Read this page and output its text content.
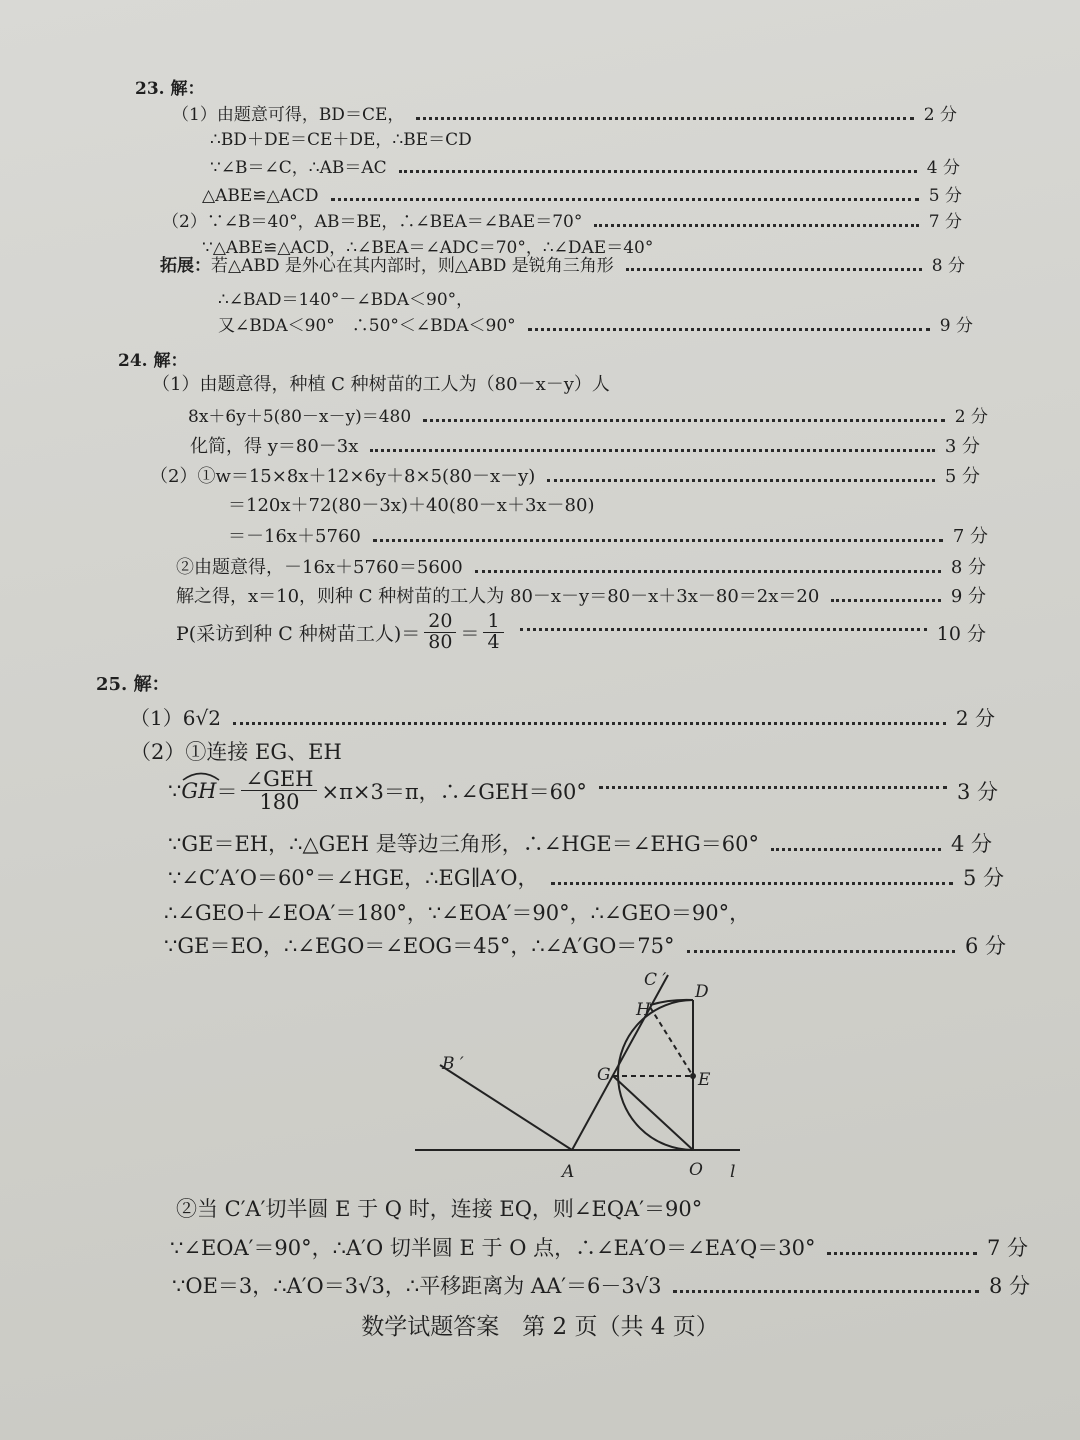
23. 解：
（1）由题意可得，BD＝CE，	2 分
∴BD＋DE＝CE＋DE，∴BE＝CD
∵∠B＝∠C，∴AB＝AC	4 分
△ABE≌△ACD	5 分
（2）∵∠B＝40°，AB＝BE，∴∠BEA＝∠BAE＝70°	7 分
∵△ABE≌△ACD，∴∠BEA＝∠ADC＝70°，∴∠DAE＝40°
拓展：若△ABD 是外心在其内部时，则△ABD 是锐角三角形	8 分
∴∠BAD＝140°－∠BDA＜90°，
又∠BDA＜90°　∴50°＜∠BDA＜90°	9 分
24. 解：
（1）由题意得，种植 C 种树苗的工人为（80－x－y）人
8x＋6y＋5(80－x－y)＝480	2 分
化简，得 y＝80－3x	3 分
（2）①w＝15×8x＋12×6y＋8×5(80－x－y)	5 分
＝120x＋72(80－3x)＋40(80－x＋3x－80)
＝－16x＋5760	7 分
②由题意得，－16x＋5760＝5600	8 分
解之得，x＝10，则种 C 种树苗的工人为 80－x－y＝80－x＋3x－80＝2x＝20	9 分
P(采访到种 C 种树苗工人)＝ $\frac{20}{80} = \frac{1}{4}$	10 分
25. 解：
（1）6√2	2 分
（2）①连接 EG、EH
∵ GH ＝ $\frac{\text{∠GEH}}{180} \times\pi\times 3=\pi$，∴∠GEH＝60°	3 分
∵GE＝EH，∴△GEH 是等边三角形，∴∠HGE＝∠EHG＝60°	4 分
∵∠C′A′O＝60°＝∠HGE，∴EG∥A′O，	5 分
∴∠GEO＋∠EOA′＝180°，∵∠EOA′＝90°，∴∠GEO＝90°，
∵GE＝EO，∴∠EGO＝∠EOG＝45°，∴∠A′GO＝75°	6 分
B ′
C ′
D
H
G	E
A	O l
②当 C′A′切半圆 E 于 Q 时，连接 EQ，则∠EQA′＝90°
∵∠EOA′＝90°，∴A′O 切半圆 E 于 O 点，∴∠EA′O＝∠EA′Q＝30°	7 分
∵OE＝3，∴A′O＝3√3，∴平移距离为 AA′＝6－3√3	8 分
数学试题答案　第 2 页（共 4 页）
